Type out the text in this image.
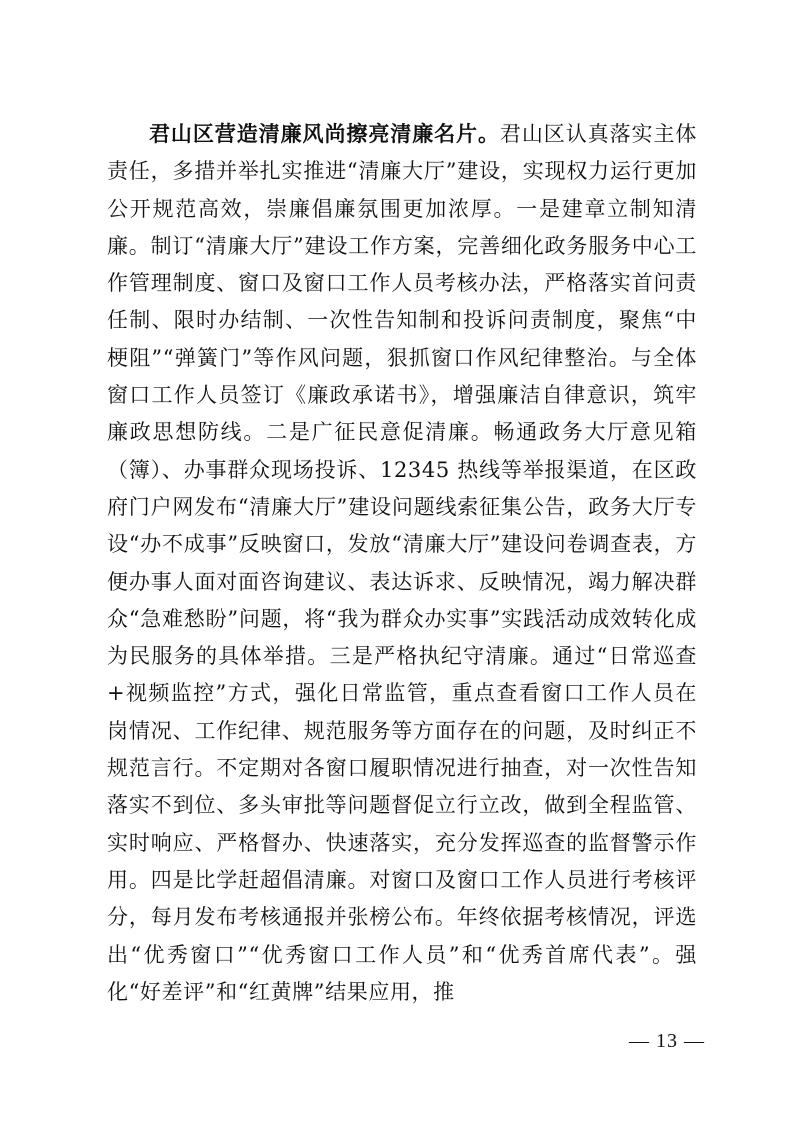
君山区营造清廉风尚擦亮清廉名片。君山区认真落实主体责任，多措并举扎实推进“清廉大厅”建设，实现权力运行更加公开规范高效，崇廉倡廉氛围更加浓厚。一是建章立制知清廉。制订“清廉大厅”建设工作方案，完善细化政务服务中心工作管理制度、窗口及窗口工作人员考核办法，严格落实首问责任制、限时办结制、一次性告知制和投诉问责制度，聚焦“中梗阻”“弹簧门”等作风问题，狠抓窗口作风纪律整治。与全体窗口工作人员签订《廉政承诺书》，增强廉洁自律意识，筑牢廉政思想防线。二是广征民意促清廉。畅通政务大厅意见箱（簿）、办事群众现场投诉、12345 热线等举报渠道，在区政府门户网发布“清廉大厅”建设问题线索征集公告，政务大厅专设“办不成事”反映窗口，发放“清廉大厅”建设问卷调查表，方便办事人面对面咨询建议、表达诉求、反映情况，竭力解决群众“急难愁盼”问题，将“我为群众办实事”实践活动成效转化成为民服务的具体举措。三是严格执纪守清廉。通过“日常巡查+视频监控”方式，强化日常监管，重点查看窗口工作人员在岗情况、工作纪律、规范服务等方面存在的问题，及时纠正不规范言行。不定期对各窗口履职情况进行抽查，对一次性告知落实不到位、多头审批等问题督促立行立改，做到全程监管、实时响应、严格督办、快速落实，充分发挥巡查的监督警示作用。四是比学赶超倡清廉。对窗口及窗口工作人员进行考核评分，每月发布考核通报并张榜公布。年终依据考核情况，评选出“优秀窗口”“优秀窗口工作人员”和“优秀首席代表”。强化“好差评”和“红黄牌”结果应用，推

— 13 —
